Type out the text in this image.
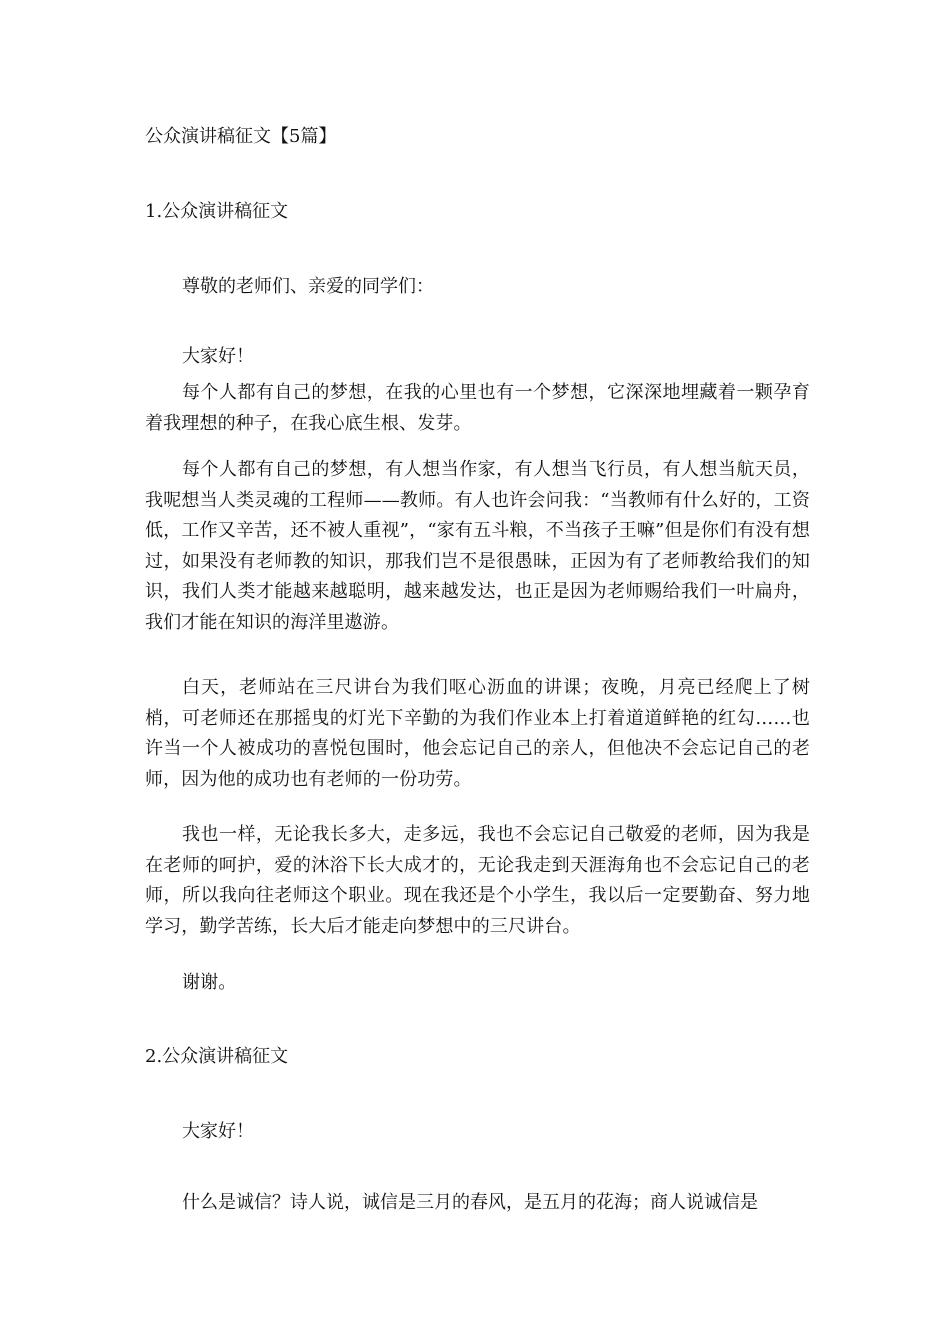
公众演讲稿征文【5篇】
1.公众演讲稿征文
尊敬的老师们、亲爱的同学们：
大家好！
每个人都有自己的梦想，在我的心里也有一个梦想，它深深地埋藏着一颗孕育着我理想的种子，在我心底生根、发芽。
每个人都有自己的梦想，有人想当作家，有人想当飞行员，有人想当航天员，我呢想当人类灵魂的工程师——教师。有人也许会问我：“当教师有什么好的，工资低，工作又辛苦，还不被人重视”，“家有五斗粮，不当孩子王嘛”但是你们有没有想过，如果没有老师教的知识，那我们岂不是很愚昧，正因为有了老师教给我们的知识，我们人类才能越来越聪明，越来越发达，也正是因为老师赐给我们一叶扁舟，我们才能在知识的海洋里遨游。
白天，老师站在三尺讲台为我们呕心沥血的讲课；夜晚，月亮已经爬上了树梢，可老师还在那摇曳的灯光下辛勤的为我们作业本上打着道道鲜艳的红勾……也许当一个人被成功的喜悦包围时，他会忘记自己的亲人，但他决不会忘记自己的老师，因为他的成功也有老师的一份功劳。
我也一样，无论我长多大，走多远，我也不会忘记自己敬爱的老师，因为我是在老师的呵护，爱的沐浴下长大成才的，无论我走到天涯海角也不会忘记自己的老师，所以我向往老师这个职业。现在我还是个小学生，我以后一定要勤奋、努力地学习，勤学苦练，长大后才能走向梦想中的三尺讲台。
谢谢。
2.公众演讲稿征文
大家好！
什么是诚信？诗人说，诚信是三月的春风，是五月的花海；商人说诚信是
